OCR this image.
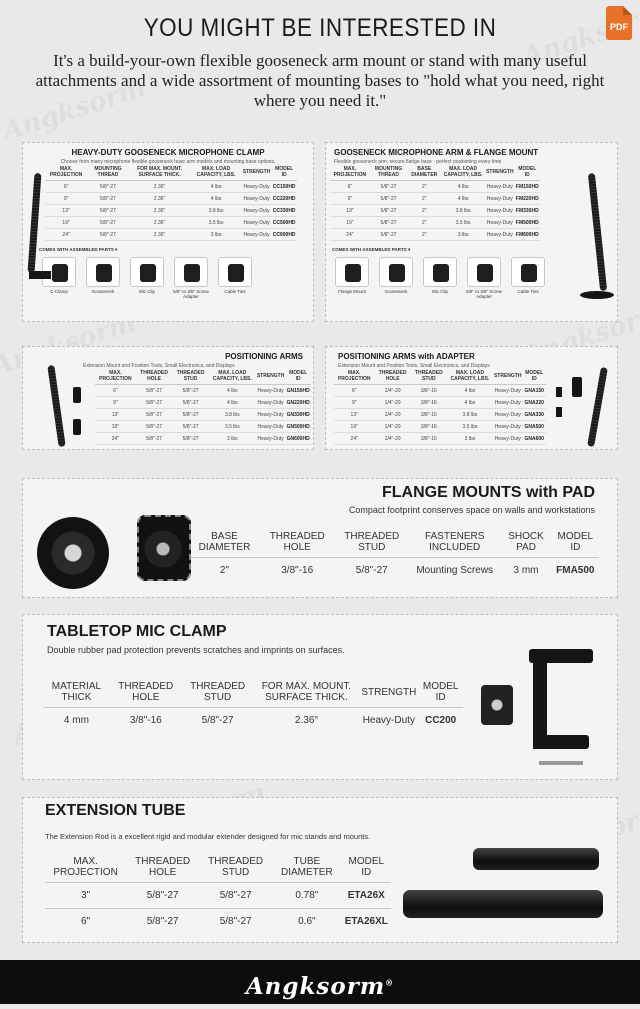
YOU MIGHT BE INTERESTED IN

It's a build-your-own flexible gooseneck arm mount or stand with many useful attachments and a wide assortment of mounting bases to "hold what you need, right where you need it."

PDF
HEAVY-DUTY GOOSENECK MICROPHONE CLAMP
Choose from many microphone flexible gooseneck hose arm models and mounting base options.
MAX. PROJECTION	MOUNTING THREAD	FOR MAX. MOUNT. SURFACE THICK.	MAX. LOAD CAPACITY, LBS.	STRENGTH	MODEL ID
6"	5/8"-27	2.36"	4 lbs	Heavy-Duty	CC150HD
9"	5/8"-27	2.36"	4 lbs	Heavy-Duty	CC220HD
13"	5/8"-27	2.36"	3.8 lbs	Heavy-Duty	CC330HD
19"	5/8"-27	2.36"	3.5 lbs	Heavy-Duty	CC500HD
24"	5/8"-27	2.36"	3 lbs	Heavy-Duty	CC600HD
COMES WITH ASSEMBLED PARTS ▾
C-Clamp	Gooseneck	Mic Clip	5/8" to 3/8" Screw Adapter
Cable Ties
GOOSENECK MICROPHONE ARM & FLANGE MOUNT
Flexible gooseneck arm, secure flange base - perfect positioning every time
MAX. PROJECTION	MOUNTING THREAD	BASE DIAMETER	MAX. LOAD CAPACITY, LBS.	STRENGTH	MODEL ID
6"	5/8"-27	2"	4 lbs	Heavy-Duty	FM150HD
9"	5/8"-27	2"	4 lbs	Heavy-Duty	FM220HD
13"	5/8"-27	2"	3.8 lbs	Heavy-Duty	FM330HD
19"	5/8"-27	2"	3.5 lbs	Heavy-Duty	FM500HD
24"	5/8"-27	2"	3 lbs	Heavy-Duty	FM600HD
COMES WITH ASSEMBLED PARTS ▾
Flange Mount	Gooseneck	Mic Clip	5/8" to 3/8" Screw Adapter
Cable Ties
POSITIONING ARMS
Extension Mount and Position Tools, Small Electronics, and Displays
MAX. PROJECTION	THREADED HOLE	THREADED STUD	MAX. LOAD CAPACITY, LBS.	STRENGTH	MODEL ID
6"	5/8"-27	5/8"-27	4 lbs	Heavy-Duty	GN150HD
9"	5/8"-27	5/8"-27	4 lbs	Heavy-Duty	GN220HD
13"	5/8"-27	5/8"-27	3.8 lbs	Heavy-Duty	GN330HD
19"	5/8"-27	5/8"-27	3.5 lbs	Heavy-Duty	GN500HD
24"	5/8"-27	5/8"-27	3 lbs	Heavy-Duty	GN600HD
POSITIONING ARMS with ADAPTER
Extension Mount and Position Tools, Small Electronics, and Displays
MAX. PROJECTION	THREADED HOLE	THREADED STUD	MAX. LOAD CAPACITY, LBS.	STRENGTH	MODEL ID
6"	1/4"-20	3/8"-16	4 lbs	Heavy-Duty	GNA150
9"	1/4"-20	3/8"-16	4 lbs	Heavy-Duty	GNA220
13"	1/4"-20	3/8"-16	3.8 lbs	Heavy-Duty	GNA330
19"	1/4"-20	3/8"-16	3.5 lbs	Heavy-Duty	GNA500
24"	1/4"-20	3/8"-16	3 lbs	Heavy-Duty	GNA600
FLANGE MOUNTS with PAD
Compact footprint conserves space on walls and workstations
BASE DIAMETER	THREADED HOLE	THREADED STUD	FASTENERS INCLUDED	SHOCK PAD	MODEL ID
2"	3/8"-16	5/8"-27	Mounting Screws	3 mm	FMA500
TABLETOP MIC CLAMP
Double rubber pad protection prevents scratches and imprints on surfaces.
MATERIAL THICK	THREADED HOLE	THREADED STUD	FOR MAX. MOUNT. SURFACE THICK.	STRENGTH	MODEL ID
4 mm	3/8"-16	5/8"-27	2.36"	Heavy-Duty	CC200
EXTENSION TUBE
The Extension Rod is a excellent rigid and modular extender designed for mic stands and mounts.
MAX. PROJECTION	THREADED HOLE	THREADED STUD	TUBE DIAMETER	MODEL ID
3"	5/8"-27	5/8"-27	0.78"	ETA26X
6"	5/8"-27	5/8"-27	0.6"	ETA26XL
Angksorm®
